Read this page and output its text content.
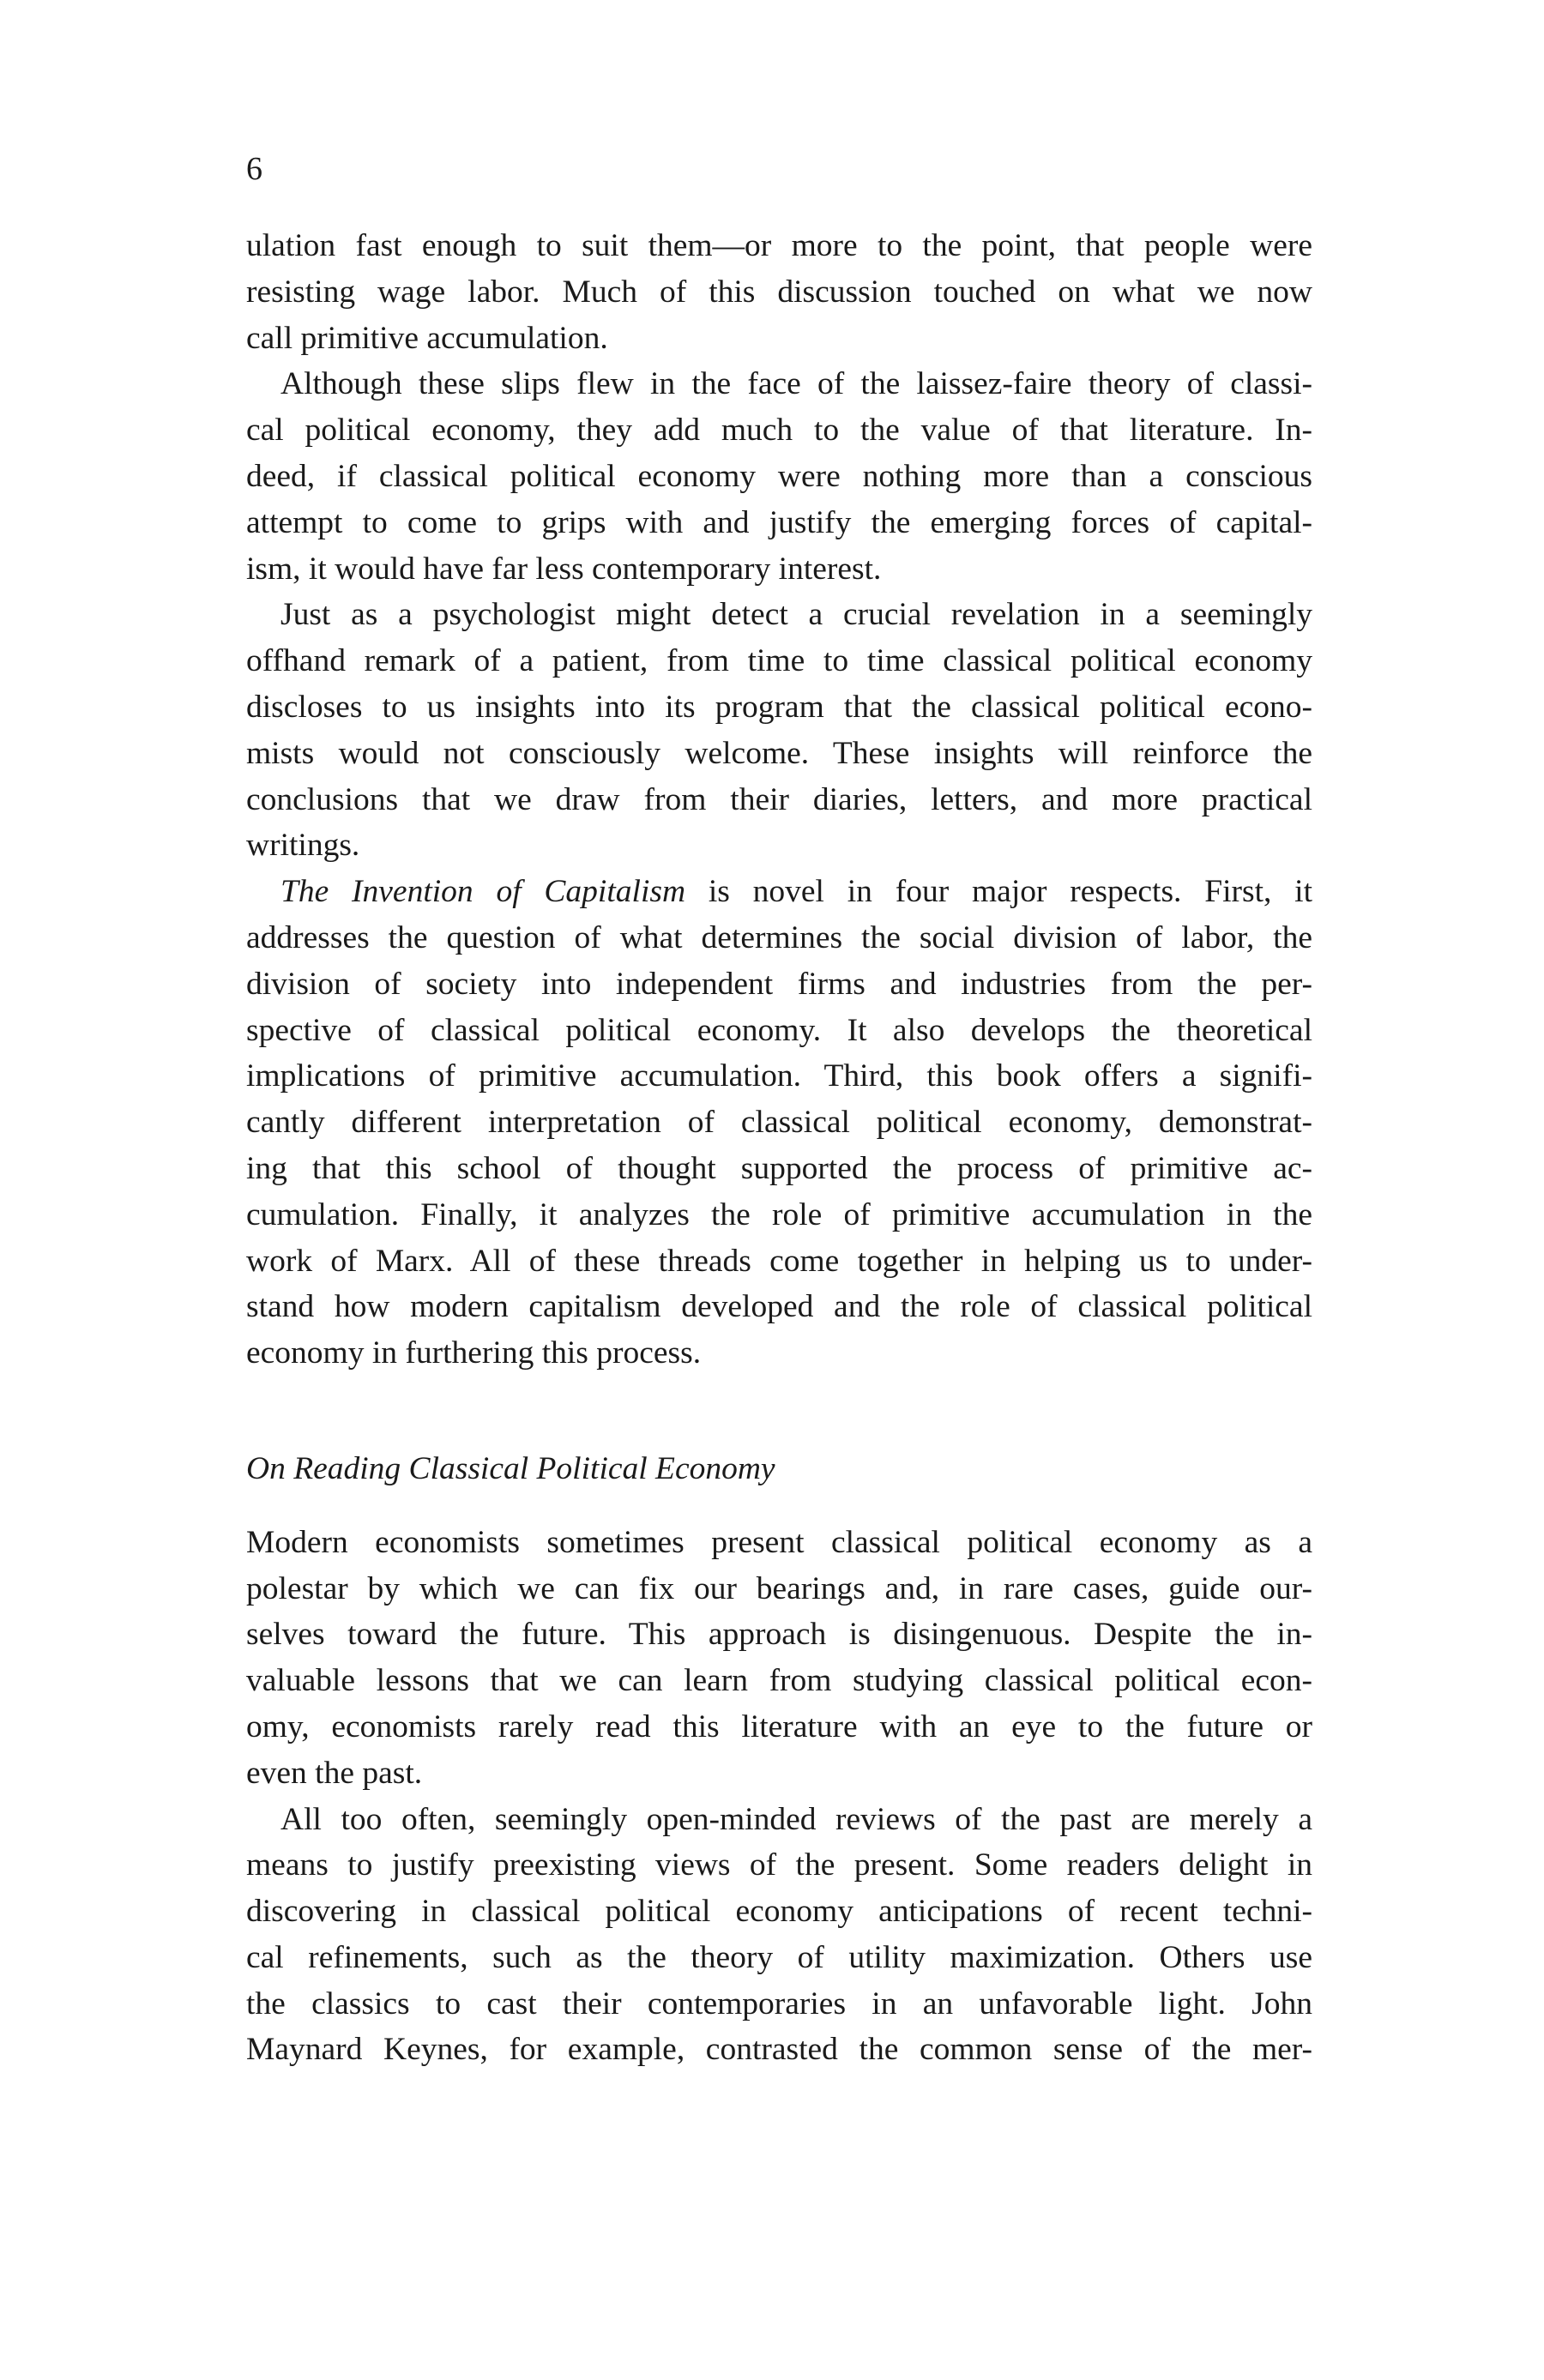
6
ulation fast enough to suit them—or more to the point, that people were
resisting wage labor. Much of this discussion touched on what we now
call primitive accumulation.
Although these slips flew in the face of the laissez-faire theory of classi-
cal political economy, they add much to the value of that literature. In-
deed, if classical political economy were nothing more than a conscious
attempt to come to grips with and justify the emerging forces of capital-
ism, it would have far less contemporary interest.
Just as a psychologist might detect a crucial revelation in a seemingly
offhand remark of a patient, from time to time classical political economy
discloses to us insights into its program that the classical political econo-
mists would not consciously welcome. These insights will reinforce the
conclusions that we draw from their diaries, letters, and more practical
writings.
The Invention of Capitalism is novel in four major respects. First, it
addresses the question of what determines the social division of labor, the
division of society into independent firms and industries from the per-
spective of classical political economy. It also develops the theoretical
implications of primitive accumulation. Third, this book offers a signifi-
cantly different interpretation of classical political economy, demonstrat-
ing that this school of thought supported the process of primitive ac-
cumulation. Finally, it analyzes the role of primitive accumulation in the
work of Marx. All of these threads come together in helping us to under-
stand how modern capitalism developed and the role of classical political
economy in furthering this process.
On Reading Classical Political Economy
Modern economists sometimes present classical political economy as a
polestar by which we can fix our bearings and, in rare cases, guide our-
selves toward the future. This approach is disingenuous. Despite the in-
valuable lessons that we can learn from studying classical political econ-
omy, economists rarely read this literature with an eye to the future or
even the past.
All too often, seemingly open-minded reviews of the past are merely a
means to justify preexisting views of the present. Some readers delight in
discovering in classical political economy anticipations of recent techni-
cal refinements, such as the theory of utility maximization. Others use
the classics to cast their contemporaries in an unfavorable light. John
Maynard Keynes, for example, contrasted the common sense of the mer-
